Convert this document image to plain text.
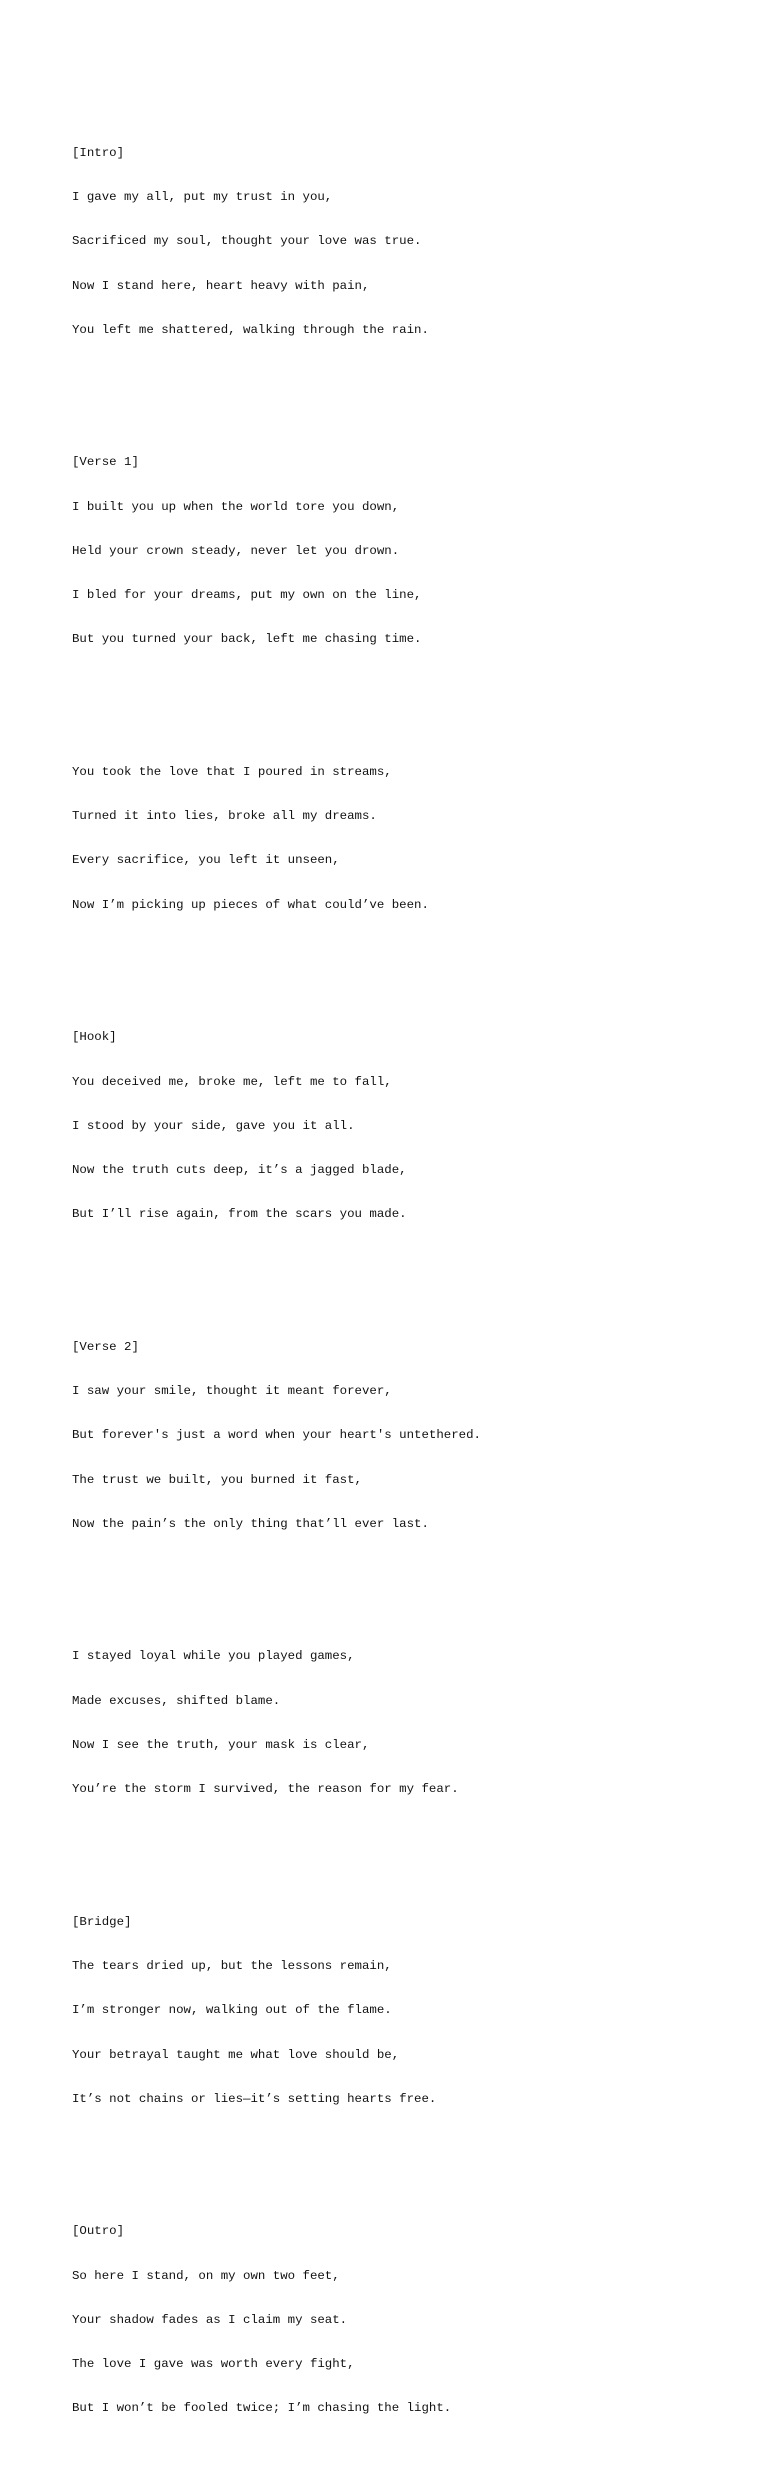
[Intro]

I gave my all, put my trust in you,

Sacrificed my soul, thought your love was true.

Now I stand here, heart heavy with pain,

You left me shattered, walking through the rain.

[Verse 1]

I built you up when the world tore you down,

Held your crown steady, never let you drown.

I bled for your dreams, put my own on the line,

But you turned your back, left me chasing time.

You took the love that I poured in streams,

Turned it into lies, broke all my dreams.

Every sacrifice, you left it unseen,

Now I’m picking up pieces of what could’ve been.

[Hook]

You deceived me, broke me, left me to fall,

I stood by your side, gave you it all.

Now the truth cuts deep, it’s a jagged blade,

But I’ll rise again, from the scars you made.

[Verse 2]

I saw your smile, thought it meant forever,

But forever's just a word when your heart's untethered.

The trust we built, you burned it fast,

Now the pain’s the only thing that’ll ever last.

I stayed loyal while you played games,

Made excuses, shifted blame.

Now I see the truth, your mask is clear,

You’re the storm I survived, the reason for my fear.

[Bridge]

The tears dried up, but the lessons remain,

I’m stronger now, walking out of the flame.

Your betrayal taught me what love should be,

It’s not chains or lies—it’s setting hearts free.

[Outro]

So here I stand, on my own two feet,

Your shadow fades as I claim my seat.

The love I gave was worth every fight,

But I won’t be fooled twice; I’m chasing the light.
